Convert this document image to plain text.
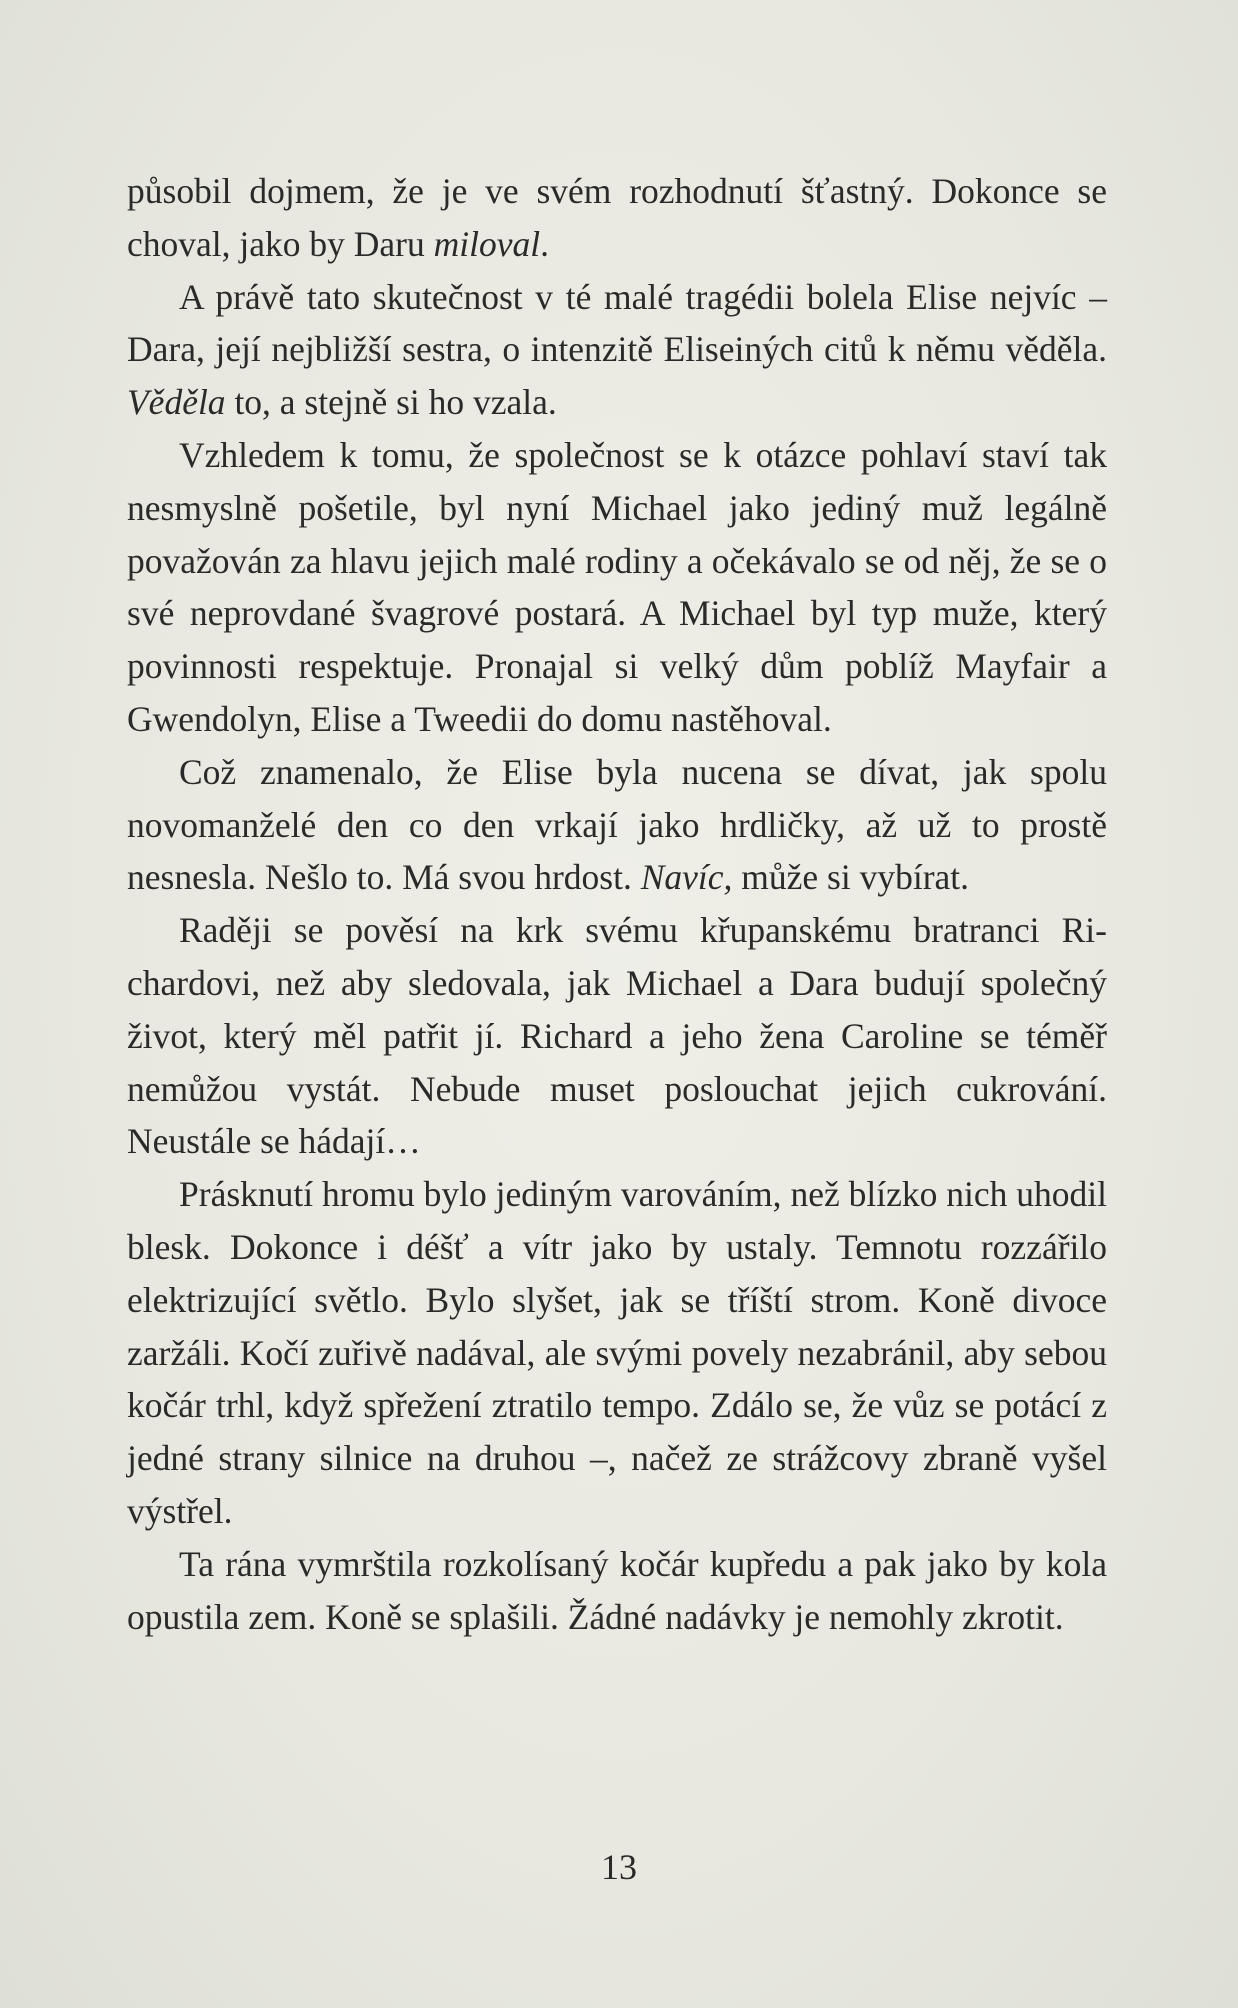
působil dojmem, že je ve svém rozhodnutí šťastný. Dokonce se choval, jako by Daru miloval.

A právě tato skutečnost v té malé tragédii bolela Elise nejvíc – Dara, její nejbližší sestra, o intenzitě Eliseiných citů k němu věděla. Věděla to, a stejně si ho vzala.

Vzhledem k tomu, že společnost se k otázce pohlaví staví tak nesmyslně pošetile, byl nyní Michael jako jediný muž legálně považován za hlavu jejich malé rodiny a očekávalo se od něj, že se o své neprovdané švagrové postará. A Michael byl typ muže, který povinnosti respektuje. Pronajal si velký dům poblíž Mayfair a Gwendolyn, Elise a Tweedii do domu nastěhoval.

Což znamenalo, že Elise byla nucena se dívat, jak spolu novomanželé den co den vrkají jako hrdličky, až už to prostě nesnesla. Nešlo to. Má svou hrdost. Navíc, může si vybírat.

Raději se pověsí na krk svému křupanskému bratranci Richardovi, než aby sledovala, jak Michael a Dara budují společný život, který měl patřit jí. Richard a jeho žena Caroline se téměř nemůžou vystát. Nebude muset poslouchat jejich cukrování. Neustále se hádají…

Prásknutí hromu bylo jediným varováním, než blízko nich uhodil blesk. Dokonce i déšť a vítr jako by ustaly. Temnotu rozzářilo elektrizující světlo. Bylo slyšet, jak se tříští strom. Koně divoce zaržáli. Kočí zuřivě nadával, ale svými povely nezabránil, aby sebou kočár trhl, když spřežení ztratilo tempo. Zdálo se, že vůz se potácí z jedné strany silnice na druhou –, načež ze strážcovy zbraně vyšel výstřel.

Ta rána vymrštila rozkolísaný kočár kupředu a pak jako by kola opustila zem. Koně se splašili. Žádné nadávky je nemohly zkrotit.

13
